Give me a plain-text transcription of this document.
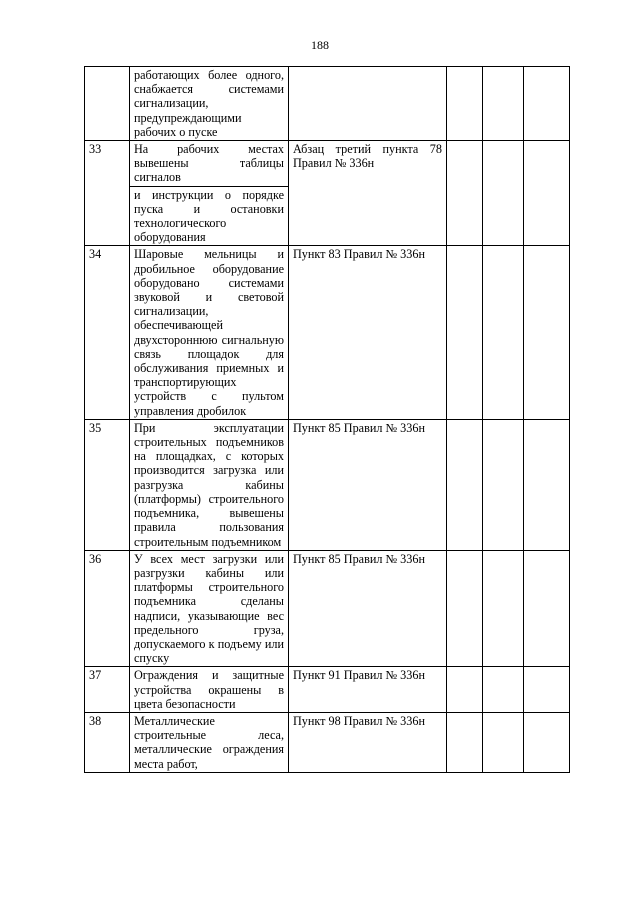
188
	работающих более одного, снабжается системами сигнализации, предупреждающими рабочих о пуске				
33	На рабочих местах вывешены таблицы сигналов	Абзац третий пункта 78 Правил № 336н			
	и инструкции о порядке пуска и остановки технологического оборудования				
34	Шаровые мельницы и дробильное оборудование оборудовано системами звуковой и световой сигнализации, обеспечивающей двухстороннюю сигнальную связь площадок для обслуживания приемных и транспортирующих устройств с пультом управления дробилок	Пункт 83 Правил № 336н			
35	При эксплуатации строительных подъемников на площадках, с которых производится загрузка или разгрузка кабины (платформы) строительного подъемника, вывешены правила пользования строительным подъемником	Пункт 85 Правил № 336н			
36	У всех мест загрузки или разгрузки кабины или платформы строительного подъемника сделаны надписи, указывающие вес предельного груза, допускаемого к подъему или спуску	Пункт 85 Правил № 336н			
37	Ограждения и защитные устройства окрашены в цвета безопасности	Пункт 91 Правил № 336н			
38	Металлические строительные леса, металлические ограждения места работ,	Пункт 98 Правил № 336н			
